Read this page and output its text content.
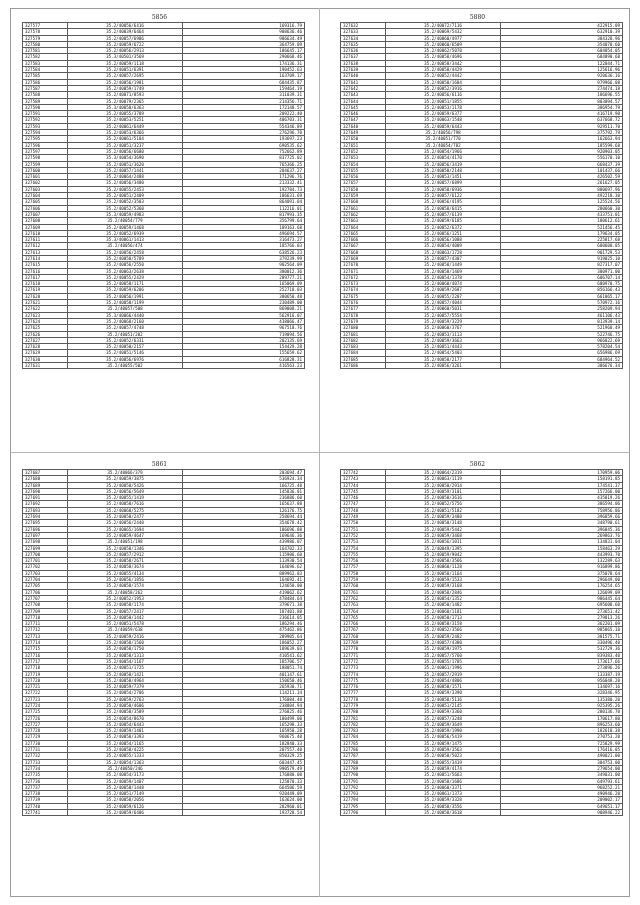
5856
327577	35.2/40056/6416	169316.79
327578	35.2/40039/6464	908636.46
327579	35.2/40057/6986	986634.49
327580	35.2/40059/6722	364759.09
327581	35.2/40056/2913	186645.17
327582	35.3/40501/3569	290668.46
327583	35.2/40059/1118	174136.31
327584	35.2/40051/6391	190452.63
327585	35.2/40057/2695	163709.17
327586	35.2/40056/1981	684435.87
327587	35.2/40059/1749	159464.19
327588	35.2/40071/8593	311039.31
327589	35.2/40079/2365	214356.71
327590	35.3/40058/6363	172148.57
327591	35.2/40055/3789	209222.40
327592	35.2/40053/5251	406703.31
327593	35.2/40061/6449	554346.89
327594	35.2/40053/6366	276296.70
327595	35.2/40061/5184	193697.23
327596	35.2/40051/3237	690535.62
327597	35.2/40056/6680	752662.89
327598	35.3/40054/3690	837725.02
327599	35.2/40051/3620	765366.25
327600	35.2/40057/1441	284637.27
327601	35.2/40064/2488	171296.76
327602	35.2/40056/3480	213332.41
327603	35.2/40055/2453	192784.73
327604	35.2/40051/2409	186631.69
327605	35.2/40052/3503	864091.04
327606	35.2/40052/5360	112216.01
327607	35.3/40059/4983	817993.35
327608	35.2/40054/779	356799.64
327609	35.2/40059/1468	189163.68
327610	35.2/40052/6939	496694.57
327611	35.3/40061/1413	316473.27
327612	35.2/40056/474	185766.03
327613	35.2/40056/2458	638526.23
327614	35.2/40058/5789	379239.99
327615	35.2/40056/2550	902564.09
327616	35.2/40063/2638	380012.36
327617	35.2/40055/2429	289777.21
327618	35.2/40058/1171	165069.09
327619	35.2/40059/6206	252718.03
327620	35.2/40056/1991	380650.48
327621	35.2/40058/1199	230489.00
327622	35.2/40057/508	869808.21
327623	35.3/40066/4440	562916.07
327624	35.2/40068/2160	438066.47
327625	35.2/40057/4748	967518.76
327626	35.2/40051/202	719094.56
327627	35.2/40052/6331	202135.69
327628	35.2/40050/2157	154429.28
327629	35.2/40051/5146	155659.62
327630	35.2/40056/6976	616828.31
327631	35.2/40055/502	416563.23
5880
327632	35.2/40072/7116	422915.09
327633	35.2/40069/5432	632910.39
327634	35.2/40060/4977	384328.96
327635	35.2/40060/6509	354070.60
327636	35.2/40062/5070	604054.05
327637	35.2/40058/4696	684890.68
327638	35.2/40058/3442	122044.71
327639	35.2/40058/4429	125616.96
327640	35.2/40052/4442	920636.16
327641	35.2/40058/1684	979966.08
327642	35.2/40052/3916	274474.18
327643	35.2/40056/6116	186696.55
327644	35.2/40051/1855	803094.57
327645	35.2/40053/1178	386954.79
327646	35.2/40059/6377	416719.90
327647	35.2/40063/1548	637668.72
327648	35.2/40059/6443	929511.70
327649	35.2/40056/798	375792.79
327650	35.2/40051/770	162663.94
327651	35.2/40054/782	185599.68
327652	35.2/40054/1966	920903.05
327653	35.2/40054/4170	556170.10
327654	35.2/40056/3419	668437.39
327655	35.2/40058/2148	101437.66
327656	35.2/40053/1451	426502.59
327657	35.2/40057/6899	261627.05
327658	35.2/40058/6936	880697.96
327659	35.2/40057/6122	492218.30
327660	35.2/40056/4195	125524.56
327661	35.2/40058/6415	280660.30
327662	35.2/40057/6139	433751.01
327663	35.2/40059/6185	180612.61
327664	35.2/40052/6372	521456.45
327665	35.2/40056/1251	179634.05
327666	35.2/40056/1088	225817.68
327667	35.2/40054/4009	680600.05
327668	35.2/40063/1728	901729.53
327669	35.2/40057/4307	919025.10
327670	35.2/40058/1449	827317.07
327671	35.2/40058/1469	380971.00
327672	35.2/40054/1378	606707.14
327673	35.2/40060/4074	680970.75
327674	35.2/40059/2687	856166.43
327675	35.2/40055/2207	661065.17
327676	35.2/40057/4044	570972.16
327677	35.2/40060/5031	258209.94
327678	35.2/40057/5554	461106.43
327679	35.2/40059/3229	813939.14
327680	35.2/40060/3767	521960.49
327681	35.2/40053/1113	522746.75
327682	35.2/40059/3663	966822.69
327683	35.2/40051/4443	578204.54
327684	35.2/40054/5403	656986.69
327685	35.2/40058/2177	684964.52
327686	35.2/40056/3261	386676.34
5861
327687	35.2/40066/379	203694.47
327688	35.2/40059/3875	536924.34
327689	35.2/40058/5426	166725.48
327690	35.2/40056/5649	145836.01
327691	35.2/40055/1419	236886.60
327692	35.2/40058/7616	165637.88
327693	35.2/40060/5275	126176.75
327694	35.2/40058/2477	258694.44
327695	35.2/40056/2440	354678.42
327696	35.2/40065/1694	186696.88
327697	35.2/40059/4647	169646.36
327698	35.2/40051/198	439986.07
327699	35.2/40058/1346	164702.33
327700	35.2/40057/2912	115906.60
327701	35.2/40058/2671	113930.54
327702	35.2/40058/3674	164696.62
327703	35.2/40055/4134	889962.03
327704	35.2/40056/1856	164692.41
327705	35.2/40058/1574	124650.00
327706	35.2/40058/262	419062.62
327707	35.2/40052/1953	478484.64
327708	35.2/40058/1174	379671.38
327709	35.2/40057/2417	187401.88
327710	35.2/40058/1442	236614.05
327711	35.2/40051/5478	186294.46
327712	35.2/40059/638	475462.86
327713	35.2/40059/2416	289905.64
327714	35.2/40058/1560	186052.27
327715	35.2/40058/1750	189639.03
327716	35.2/40058/1313	410541.62
327717	35.2/40054/1167	185706.57
327718	35.2/40051/1725	188051.74
327719	35.2/40058/1421	401147.61
327720	35.2/40058/4964	150650.46
327721	35.2/40059/7379	265930.71
327722	35.2/40054/2706	114211.34
327723	35.2/40059/2763	176084.48
327724	35.2/40050/4606	238804.94
327725	35.2/40058/3589	276825.46
327726	35.2/40054/8670	180499.00
327727	35.2/40054/6443	165298.33
327728	35.2/40059/1401	165958.28
327729	35.2/40058/3393	960675.40
327730	35.2/40054/1165	182840.33
327731	35.2/40058/4225	207557.40
327732	35.2/40055/1333	850329.25
327733	35.2/40054/1363	603447.45
327734	35.2/40050/246	990579.49
327735	35.2/40054/3173	176880.00
327736	35.2/40059/1407	125870.33
327737	35.2/40050/1448	664506.59
327738	35.2/40051/7149	920449.09
327739	35.2/40058/2056	163624.00
327740	35.2/40059/6126	282960.01
327741	35.2/40059/6406	193728.54
5862
327742	35.2/40064/2319	170959.06
327743	35.2/40063/1119	158191.85
327744	35.2/40050/2914	174541.37
327745	35.2/40059/3101	157266.00
327746	35.2/40058/3616	435819.26
327747	35.2/40052/5756	386594.06
327748	35.2/40051/5182	758956.06
327749	35.2/40059/3480	396859.66
327750	35.2/40050/3148	348790.61
327751	35.2/40059/5442	396845.36
327752	35.2/40059/3468	269863.76
327753	35.2/40056/1011	134831.04
327754	35.2/40049/1395	158463.29
327755	35.2/40059/9042	443993.70
327756	35.2/40058/3566	132289.63
327757	35.2/40060/1128	916899.86
327758	35.2/40058/1164	375078.64
327759	35.2/40059/1533	296649.00
327760	35.2/40059/3168	176254.65
327761	35.2/40058/2846	126699.09
327762	35.2/40054/1352	986445.64
327763	35.2/40050/1482	695608.60
327764	35.2/40060/1181	273651.42
327765	35.2/40050/1713	279813.26
327766	35.2/40058/3158	362201.09
327767	35.2/40052/3566	985865.18
327768	35.2/40059/2482	381575.71
327769	35.2/40057/4380	330496.40
327770	35.2/40059/1975	532729.36
327771	35.2/40057/5760	839383.40
327772	35.2/40055/1705	173617.66
327773	35.2/40061/1996	273896.26
327774	35.2/40057/2919	133387.19
327775	35.2/40054/4806	956048.20
327776	35.2/40058/1571	134697.16
327777	35.2/40059/3390	328346.95
327778	35.2/40058/5116	135380.20
327779	35.2/40051/2145	925395.26
327780	35.2/40059/3360	280136.70
327781	35.2/40057/3248	170617.80
327782	35.2/40059/3649	896253.60
327783	35.2/40059/1990	182618.38
327784	35.2/40056/5419	270753.20
327785	35.2/40059/1475	725829.99
327786	35.2/40059/3563	176416.05
327787	35.2/40058/5023	490021.00
327788	35.2/40055/3419	304753.00
327789	35.2/40059/4174	279654.00
327790	35.2/40051/5663	349031.00
327791	35.2/40058/1686	649793.61
327792	35.2/40060/3371	968252.21
327793	35.2/40061/1373	490946.20
327794	35.2/40059/3328	209002.17
327795	35.2/40058/3556	649651.17
327796	35.2/40058/3618	908946.22
